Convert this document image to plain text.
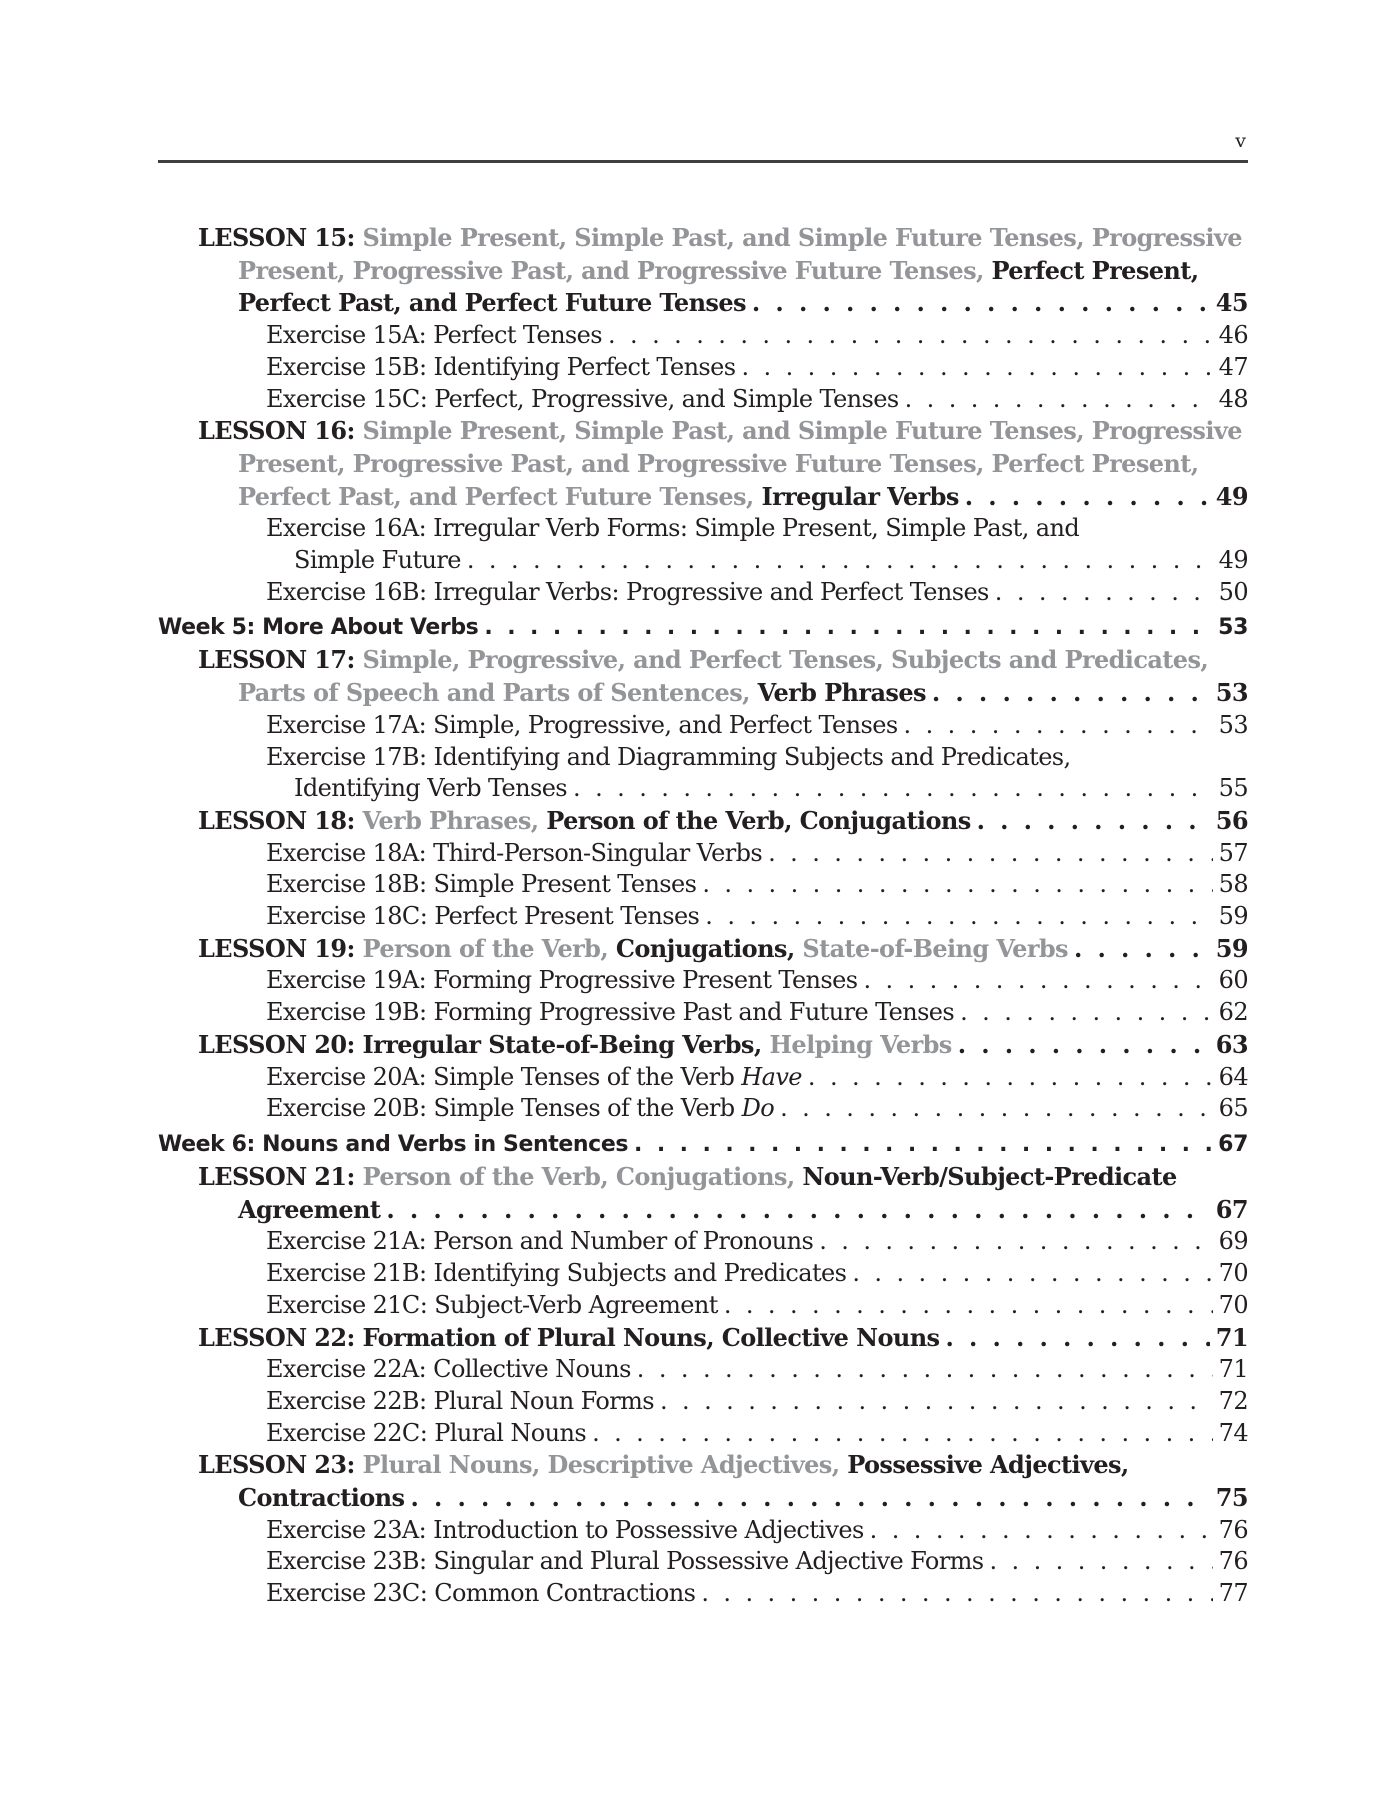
v
LESSON 15: Simple Present, Simple Past, and Simple Future Tenses, Progressive
Present, Progressive Past, and Progressive Future Tenses, Perfect Present,
Perfect Past, and Perfect Future Tenses . . .	45
Exercise 15A: Perfect Tenses . . .	46
Exercise 15B: Identifying Perfect Tenses . . .	47
Exercise 15C: Perfect, Progressive, and Simple Tenses . . .	48
LESSON 16: Simple Present, Simple Past, and Simple Future Tenses, Progressive
Present, Progressive Past, and Progressive Future Tenses, Perfect Present,
Perfect Past, and Perfect Future Tenses, Irregular Verbs . . .	49
Exercise 16A: Irregular Verb Forms: Simple Present, Simple Past, and
Simple Future . . .	49
Exercise 16B: Irregular Verbs: Progressive and Perfect Tenses . . .	50
Week 5: More About Verbs . . .	53
LESSON 17: Simple, Progressive, and Perfect Tenses, Subjects and Predicates,
Parts of Speech and Parts of Sentences, Verb Phrases . . .	53
Exercise 17A: Simple, Progressive, and Perfect Tenses . . .	53
Exercise 17B: Identifying and Diagramming Subjects and Predicates,
Identifying Verb Tenses . . .	55
LESSON 18: Verb Phrases, Person of the Verb, Conjugations . . .	56
Exercise 18A: Third-Person-Singular Verbs . . .	57
Exercise 18B: Simple Present Tenses . . .	58
Exercise 18C: Perfect Present Tenses . . .	59
LESSON 19: Person of the Verb, Conjugations, State-of-Being Verbs . . .	59
Exercise 19A: Forming Progressive Present Tenses . . .	60
Exercise 19B: Forming Progressive Past and Future Tenses . . .	62
LESSON 20: Irregular State-of-Being Verbs, Helping Verbs . . .	63
Exercise 20A: Simple Tenses of the Verb Have . . .	64
Exercise 20B: Simple Tenses of the Verb Do . . .	65
Week 6: Nouns and Verbs in Sentences . . .	67
LESSON 21: Person of the Verb, Conjugations, Noun-Verb/Subject-Predicate
Agreement . . .	67
Exercise 21A: Person and Number of Pronouns . . .	69
Exercise 21B: Identifying Subjects and Predicates . . .	70
Exercise 21C: Subject-Verb Agreement . . .	70
LESSON 22: Formation of Plural Nouns, Collective Nouns . . .	71
Exercise 22A: Collective Nouns . . .	71
Exercise 22B: Plural Noun Forms . . .	72
Exercise 22C: Plural Nouns . . .	74
LESSON 23: Plural Nouns, Descriptive Adjectives, Possessive Adjectives,
Contractions . . .	75
Exercise 23A: Introduction to Possessive Adjectives . . .	76
Exercise 23B: Singular and Plural Possessive Adjective Forms . . .	76
Exercise 23C: Common Contractions . . .	77
